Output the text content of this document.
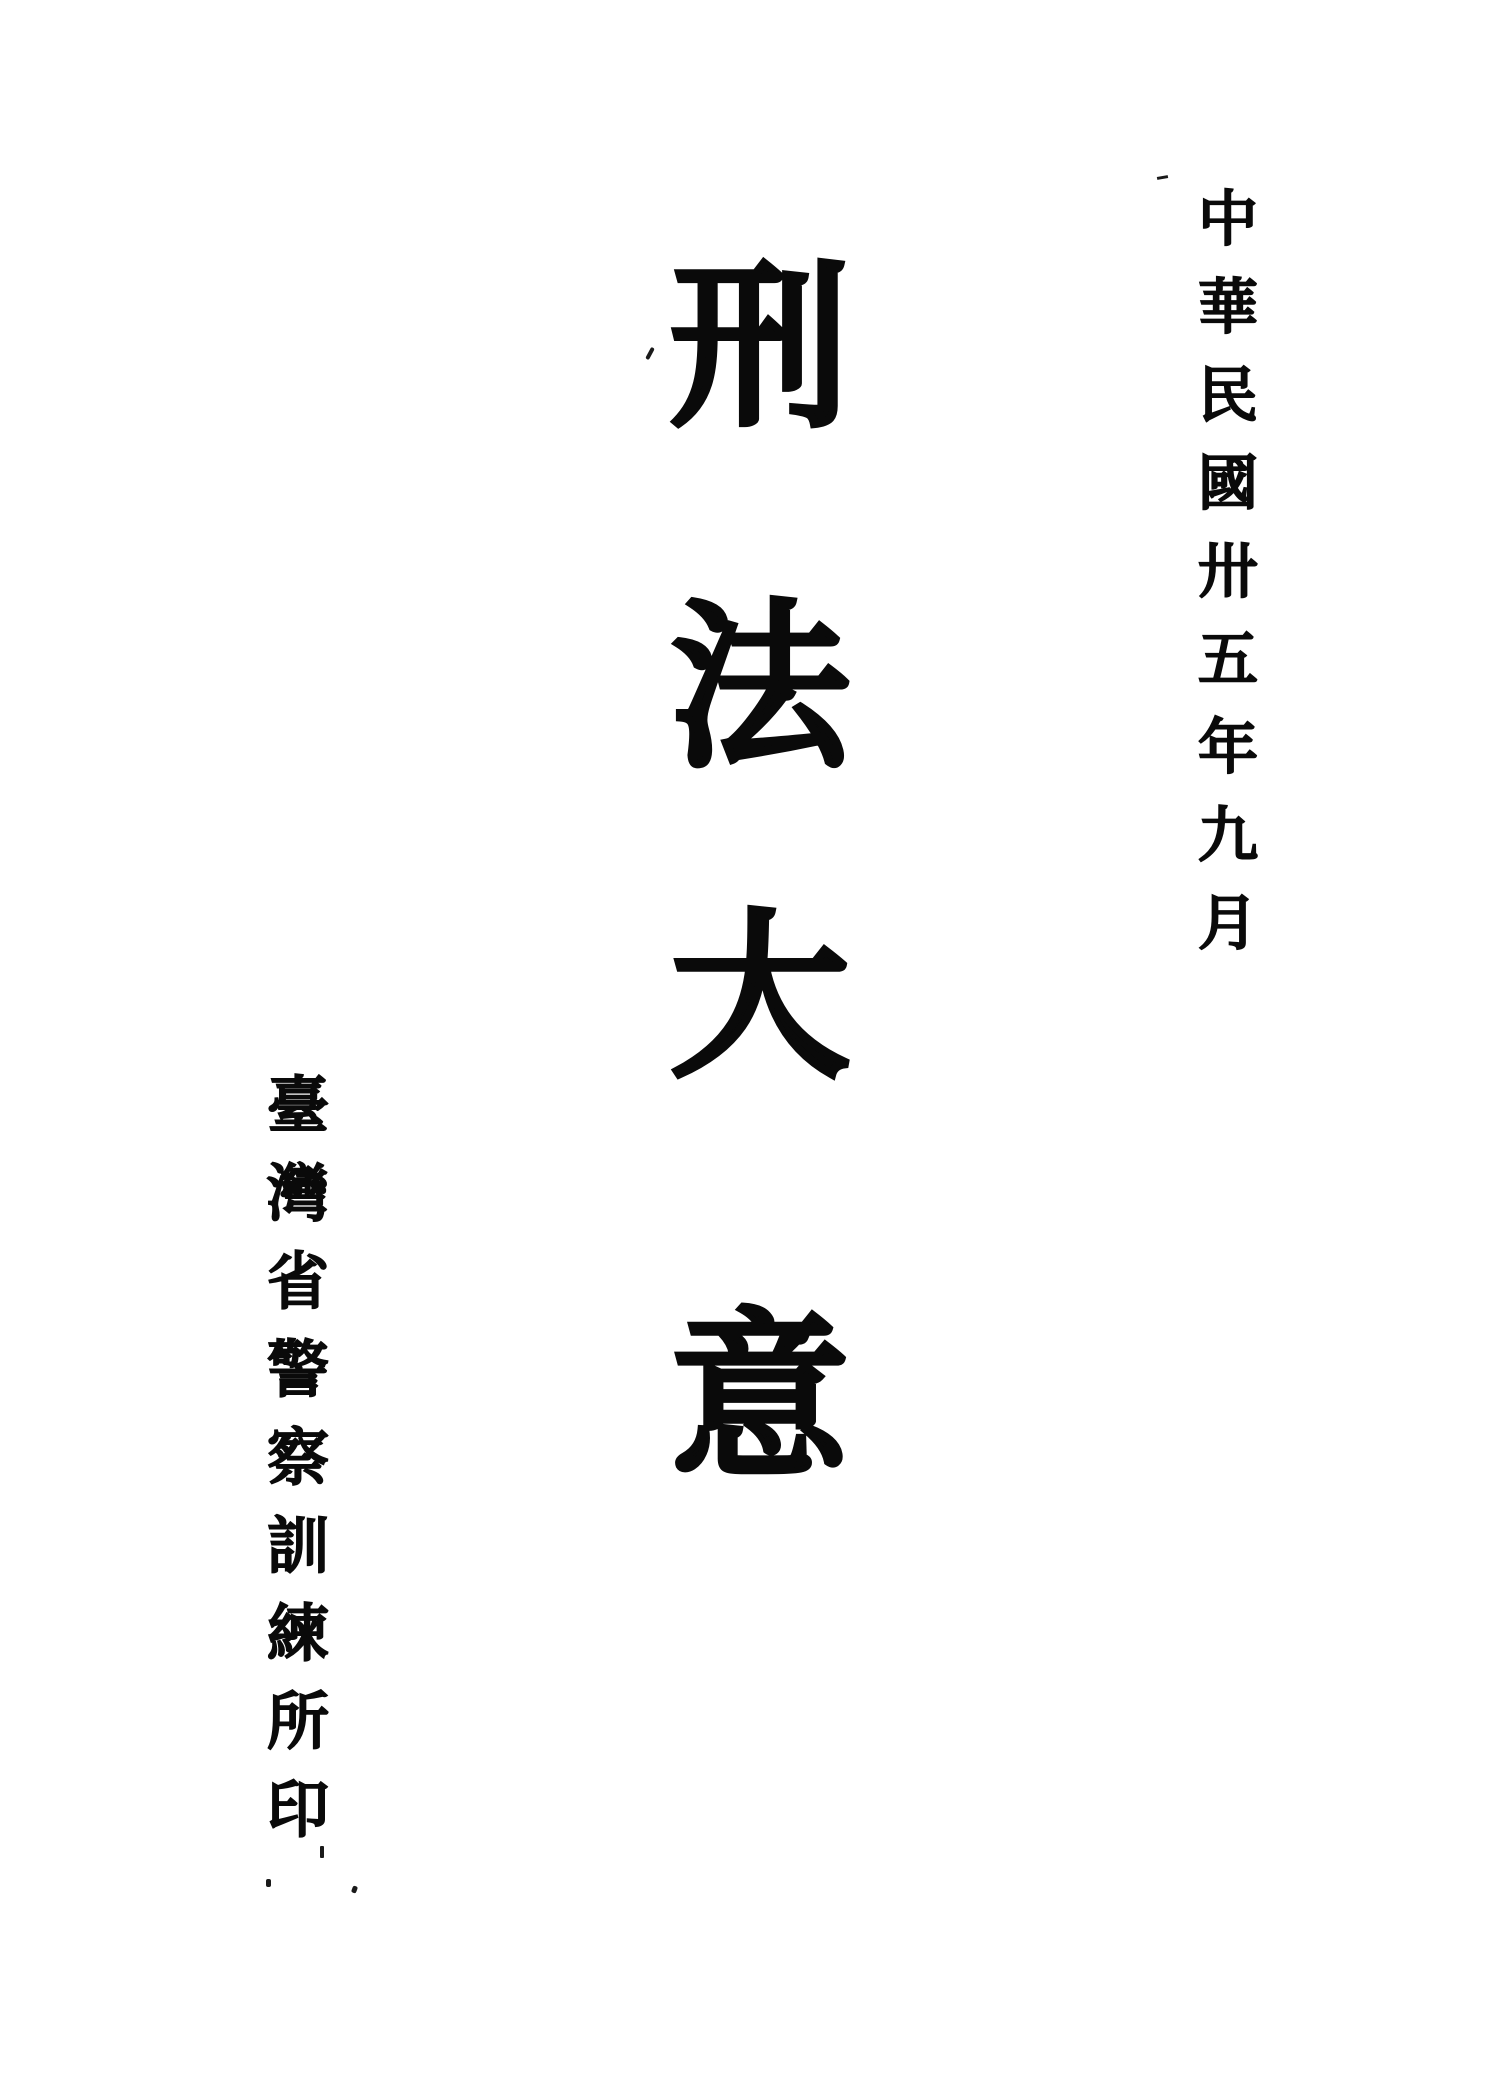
中
華
民
國
卅
五
年
九
月
刑
法
大
意
臺
灣
省
警
察
訓
練
所
印
